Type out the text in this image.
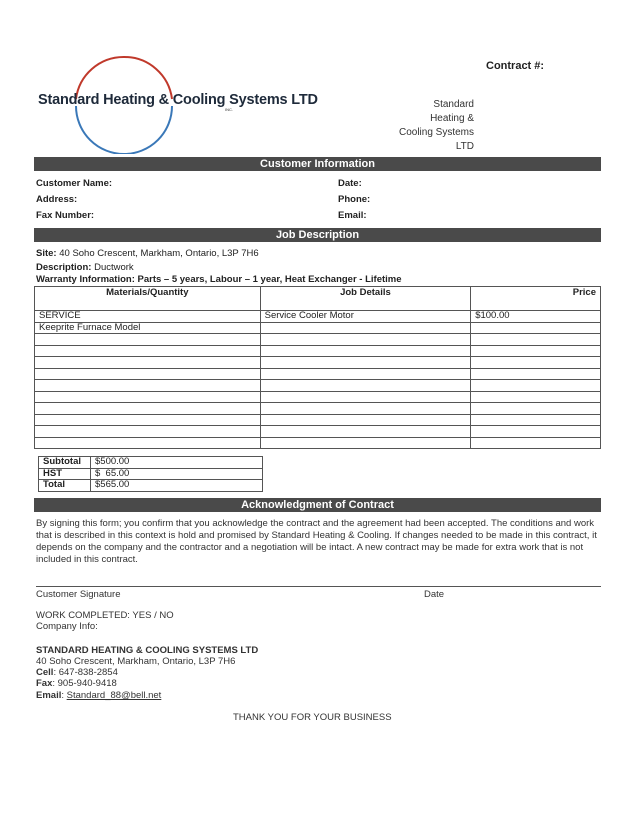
Contract #:
Standard Heating & Cooling Systems LTD
INC.	Standard
Heating &
Cooling Systems
LTD
Customer Information
Customer Name:	Date:
Address:	Phone:
Fax Number:	Email:
Job Description
Site: 40 Soho Crescent, Markham, Ontario, L3P 7H6
Description: Ductwork
Warranty Information: Parts – 5 years, Labour – 1 year, Heat Exchanger - Lifetime
Materials/Quantity	Job Details	Price
SERVICE	Service Cooler Motor	$100.00
Keeprite Furnace Model		

Subtotal	$500.00
HST	$  65.00
Total	$565.00
Acknowledgment of Contract
By signing this form; you confirm that you acknowledge the contract and the agreement had been accepted. The conditions and work that is described in this context is hold and promised by Standard Heating & Cooling. If changes needed to be made in this contract, it depends on the company and the contractor and a negotiation will be intact. A new contract may be made for extra work that is not included in this contract.
Customer Signature	Date
WORK COMPLETED: YES / NO
Company Info:
STANDARD HEATING & COOLING SYSTEMS LTD
40 Soho Crescent, Markham, Ontario, L3P 7H6
Cell: 647-838-2854
Fax: 905-940-9418
Email: Standard_88@bell.net
THANK YOU FOR YOUR BUSINESS
